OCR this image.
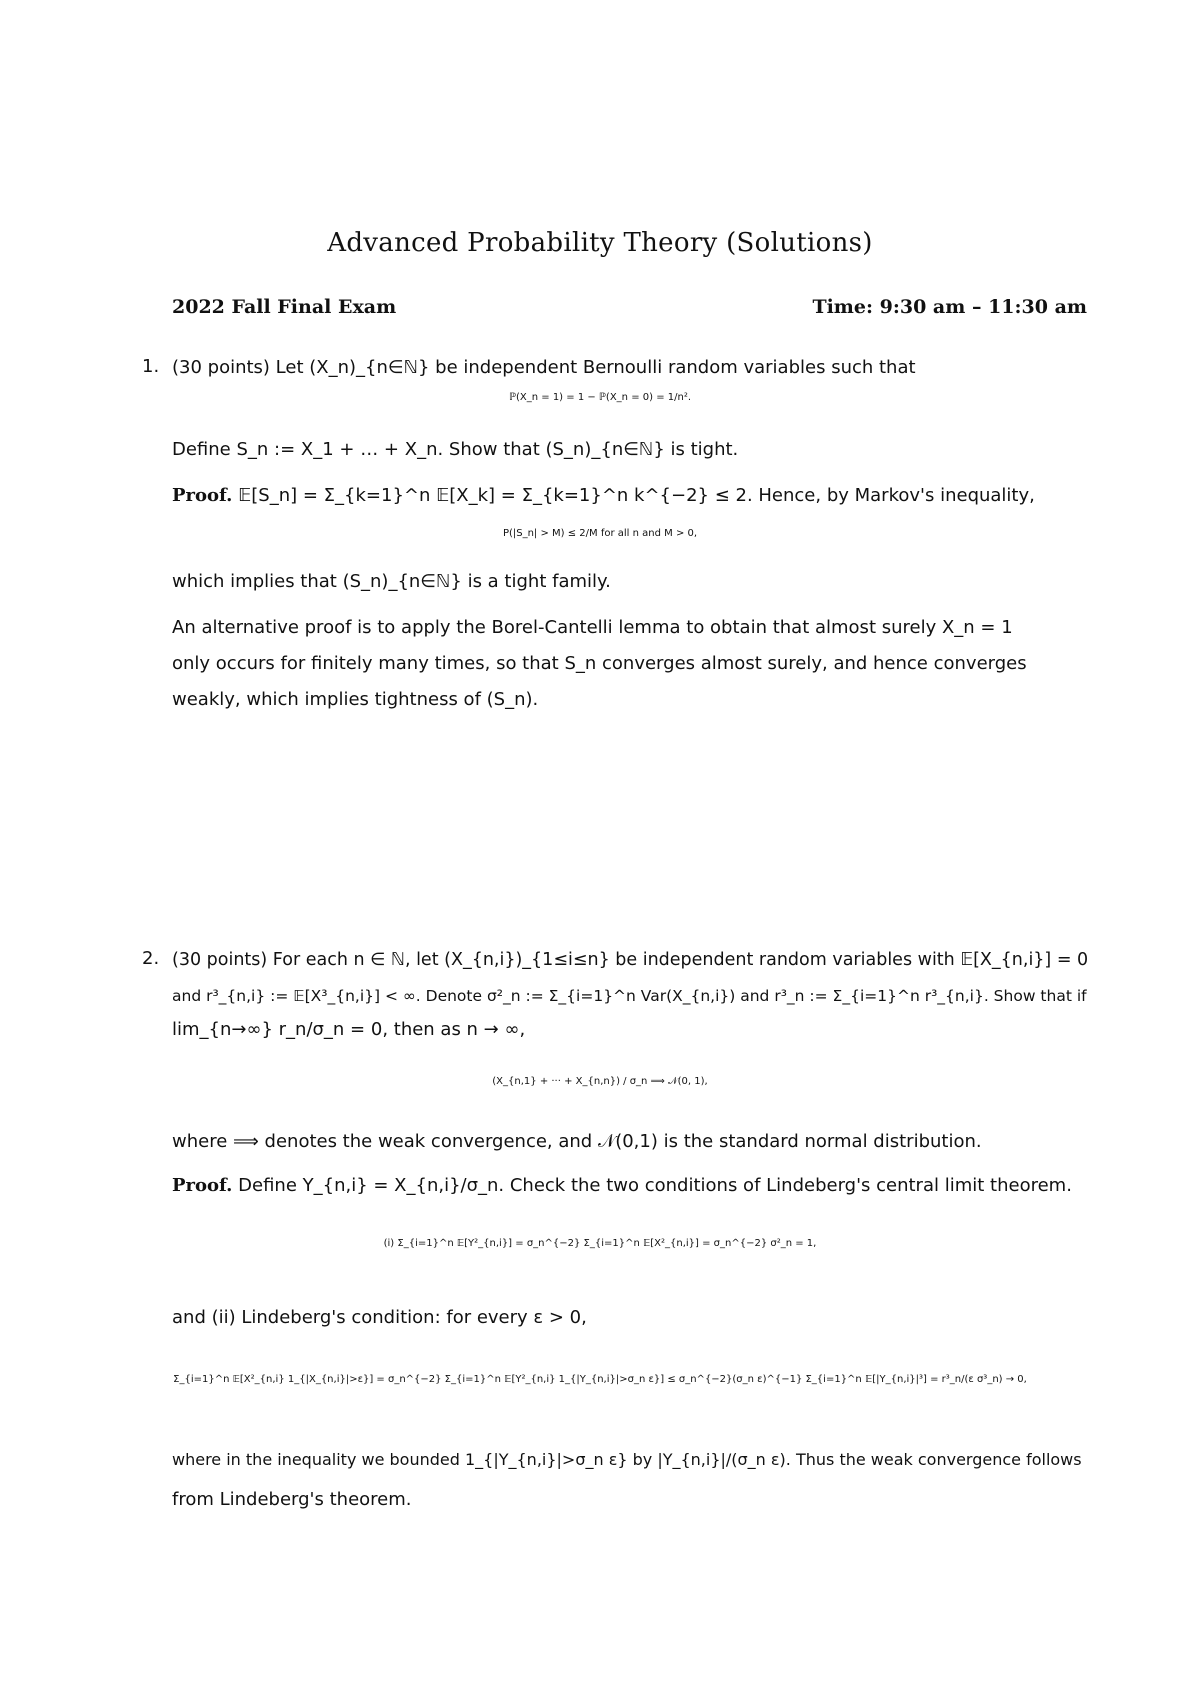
Advanced Probability Theory (Solutions)
2022 Fall Final Exam	Time: 9:30 am – 11:30 am
1. (30 points) Let (X_n)_{n∈ℕ} be independent Bernoulli random variables such that
ℙ(X_n = 1) = 1 − ℙ(X_n = 0) = 1/n².
Define S_n := X_1 + … + X_n. Show that (S_n)_{n∈ℕ} is tight.
Proof. 𝔼[S_n] = Σ_{k=1}^n 𝔼[X_k] = Σ_{k=1}^n k^{−2} ≤ 2. Hence, by Markov's inequality,
P(|S_n| > M) ≤ 2/M for all n and M > 0,
which implies that (S_n)_{n∈ℕ} is a tight family.
An alternative proof is to apply the Borel-Cantelli lemma to obtain that almost surely X_n = 1
only occurs for finitely many times, so that S_n converges almost surely, and hence converges
weakly, which implies tightness of (S_n).
2. (30 points) For each n ∈ ℕ, let (X_{n,i})_{1≤i≤n} be independent random variables with 𝔼[X_{n,i}] = 0
and r³_{n,i} := 𝔼[X³_{n,i}] < ∞. Denote σ²_n := Σ_{i=1}^n Var(X_{n,i}) and r³_n := Σ_{i=1}^n r³_{n,i}. Show that if
lim_{n→∞} r_n/σ_n = 0, then as n → ∞,
(X_{n,1} + ··· + X_{n,n}) / σ_n ⟹ 𝒩(0, 1),
where ⟹ denotes the weak convergence, and 𝒩(0,1) is the standard normal distribution.
Proof. Define Y_{n,i} = X_{n,i}/σ_n. Check the two conditions of Lindeberg's central limit theorem.
(i) Σ_{i=1}^n 𝔼[Y²_{n,i}] = σ_n^{−2} Σ_{i=1}^n 𝔼[X²_{n,i}] = σ_n^{−2} σ²_n = 1,
and (ii) Lindeberg's condition: for every ε > 0,
Σ_{i=1}^n 𝔼[X²_{n,i} 1_{|X_{n,i}|>ε}] = σ_n^{−2} Σ_{i=1}^n 𝔼[Y²_{n,i} 1_{|Y_{n,i}|>σ_n ε}] ≤ σ_n^{−2}(σ_n ε)^{−1} Σ_{i=1}^n 𝔼[|Y_{n,i}|³] = r³_n/(ε σ³_n) → 0,
where in the inequality we bounded 1_{|Y_{n,i}|>σ_n ε} by |Y_{n,i}|/(σ_n ε). Thus the weak convergence follows
from Lindeberg's theorem.
